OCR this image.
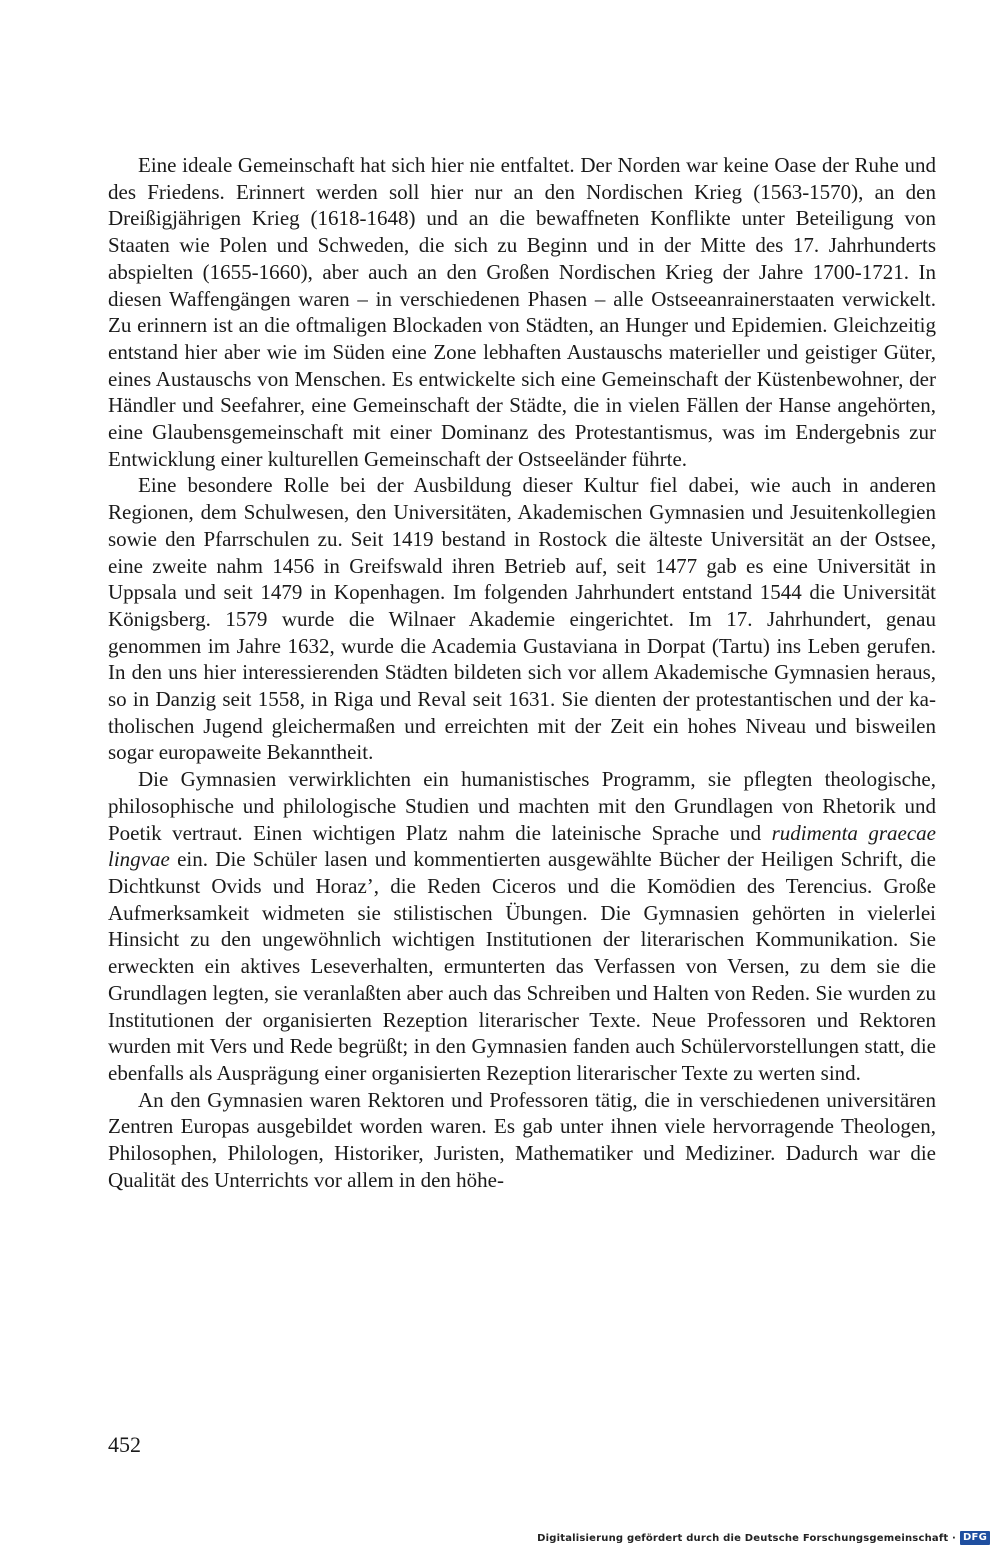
Eine ideale Gemeinschaft hat sich hier nie entfaltet. Der Norden war keine Oase der Ruhe und des Friedens. Erinnert werden soll hier nur an den Nordischen Krieg (1563-1570), an den Dreißigjährigen Krieg (1618-1648) und an die bewaffneten Konflikte unter Beteiligung von Staaten wie Polen und Schweden, die sich zu Beginn und in der Mitte des 17. Jahrhunderts abspielten (1655-1660), aber auch an den Großen Nordischen Krieg der Jahre 1700-1721. In diesen Waffengängen waren – in verschiedenen Phasen – alle Ostseeanrainerstaaten verwickelt. Zu erinnern ist an die oftmaligen Blockaden von Städten, an Hunger und Epidemien. Gleichzeitig entstand hier aber wie im Süden eine Zone lebhaften Austauschs materieller und geistiger Güter, eines Austauschs von Menschen. Es entwickelte sich eine Gemeinschaft der Küstenbewohner, der Händler und Seefahrer, eine Gemeinschaft der Städte, die in vielen Fällen der Hanse angehörten, eine Glaubensgemeinschaft mit einer Dominanz des Protestantismus, was im Endergebnis zur Entwicklung einer kulturellen Gemeinschaft der Ostseeländer führte.

Eine besondere Rolle bei der Ausbildung dieser Kultur fiel dabei, wie auch in anderen Regionen, dem Schulwesen, den Universitäten, Akademischen Gymnasien und Jesuitenkollegien sowie den Pfarrschulen zu. Seit 1419 bestand in Rostock die älteste Universität an der Ostsee, eine zweite nahm 1456 in Greifswald ihren Betrieb auf, seit 1477 gab es eine Universität in Uppsala und seit 1479 in Kopenhagen. Im folgenden Jahrhundert entstand 1544 die Universität Königsberg. 1579 wurde die Wilnaer Akademie eingerichtet. Im 17. Jahrhundert, genau genommen im Jahre 1632, wurde die Academia Gustaviana in Dorpat (Tartu) ins Leben gerufen. In den uns hier interessierenden Städten bildeten sich vor allem Akademische Gymnasien heraus, so in Danzig seit 1558, in Riga und Reval seit 1631. Sie dienten der protestantischen und der katholischen Jugend gleichermaßen und erreichten mit der Zeit ein hohes Niveau und bisweilen sogar europaweite Bekanntheit.

Die Gymnasien verwirklichten ein humanistisches Programm, sie pflegten theologische, philosophische und philologische Studien und machten mit den Grundlagen von Rhetorik und Poetik vertraut. Einen wichtigen Platz nahm die lateinische Sprache und rudimenta graecae lingvae ein. Die Schüler lasen und kommentierten ausgewählte Bücher der Heiligen Schrift, die Dichtkunst Ovids und Horaz’, die Reden Ciceros und die Komödien des Terencius. Große Aufmerksamkeit widmeten sie stilistischen Übungen. Die Gymnasien gehörten in vielerlei Hinsicht zu den ungewöhnlich wichtigen Institutionen der literarischen Kommunikation. Sie erweckten ein aktives Leseverhalten, ermunterten das Verfassen von Versen, zu dem sie die Grundlagen legten, sie veranlaßten aber auch das Schreiben und Halten von Reden. Sie wurden zu Institutionen der organisierten Rezeption literarischer Texte. Neue Professoren und Rektoren wurden mit Vers und Rede begrüßt; in den Gymnasien fanden auch Schülervorstellungen statt, die ebenfalls als Ausprägung einer organisierten Rezeption literarischer Texte zu werten sind.

An den Gymnasien waren Rektoren und Professoren tätig, die in verschiedenen universitären Zentren Europas ausgebildet worden waren. Es gab unter ihnen viele hervorragende Theologen, Philosophen, Philologen, Historiker, Juristen, Mathematiker und Mediziner. Dadurch war die Qualität des Unterrichts vor allem in den höhe-

452
Digitalisierung gefördert durch die Deutsche Forschungsgemeinschaft · DFG
